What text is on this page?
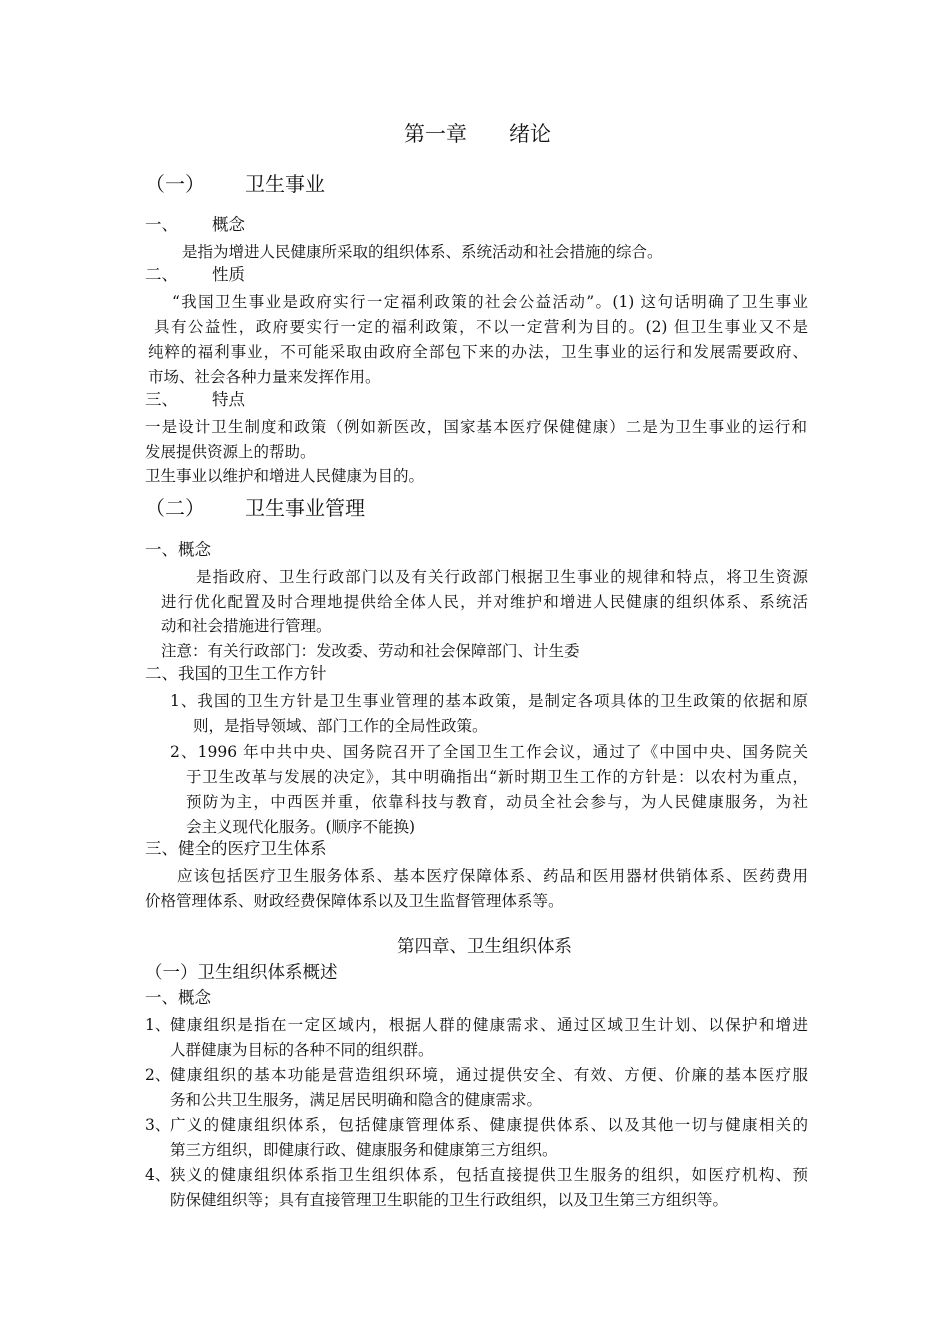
第一章　　绪论
（一） 卫生事业
一、 概念
是指为增进人民健康所采取的组织体系、系统活动和社会措施的综合。
二、 性质
“我国卫生事业是政府实行一定福利政策的社会公益活动”。(1) 这句话明确了卫生事业
具有公益性，政府要实行一定的福利政策，不以一定营利为目的。(2) 但卫生事业又不是
纯粹的福利事业，不可能采取由政府全部包下来的办法，卫生事业的运行和发展需要政府、
市场、社会各种力量来发挥作用。
三、 特点
一是设计卫生制度和政策（例如新医改，国家基本医疗保健健康）二是为卫生事业的运行和
发展提供资源上的帮助。
卫生事业以维护和增进人民健康为目的。
（二） 卫生事业管理
一、概念
是指政府、卫生行政部门以及有关行政部门根据卫生事业的规律和特点，将卫生资源
进行优化配置及时合理地提供给全体人民，并对维护和增进人民健康的组织体系、系统活
动和社会措施进行管理。
注意：有关行政部门：发改委、劳动和社会保障部门、计生委
二、我国的卫生工作方针
1、我国的卫生方针是卫生事业管理的基本政策，是制定各项具体的卫生政策的依据和原
则，是指导领域、部门工作的全局性政策。
2、1996 年中共中央、国务院召开了全国卫生工作会议，通过了《中国中央、国务院关
于卫生改革与发展的决定》，其中明确指出“新时期卫生工作的方针是：以农村为重点，
预防为主，中西医并重，依靠科技与教育，动员全社会参与，为人民健康服务，为社
会主义现代化服务。(顺序不能换)
三、健全的医疗卫生体系
应该包括医疗卫生服务体系、基本医疗保障体系、药品和医用器材供销体系、医药费用
价格管理体系、财政经费保障体系以及卫生监督管理体系等。
第四章、卫生组织体系
（一）卫生组织体系概述
一、概念
1、 健康组织是指在一定区域内，根据人群的健康需求、通过区域卫生计划、以保护和增进
人群健康为目标的各种不同的组织群。
2、 健康组织的基本功能是营造组织环境，通过提供安全、有效、方便、价廉的基本医疗服
务和公共卫生服务，满足居民明确和隐含的健康需求。
3、 广义的健康组织体系，包括健康管理体系、健康提供体系、以及其他一切与健康相关的
第三方组织，即健康行政、健康服务和健康第三方组织。
4、 狭义的健康组织体系指卫生组织体系，包括直接提供卫生服务的组织，如医疗机构、预
防保健组织等；具有直接管理卫生职能的卫生行政组织，以及卫生第三方组织等。
